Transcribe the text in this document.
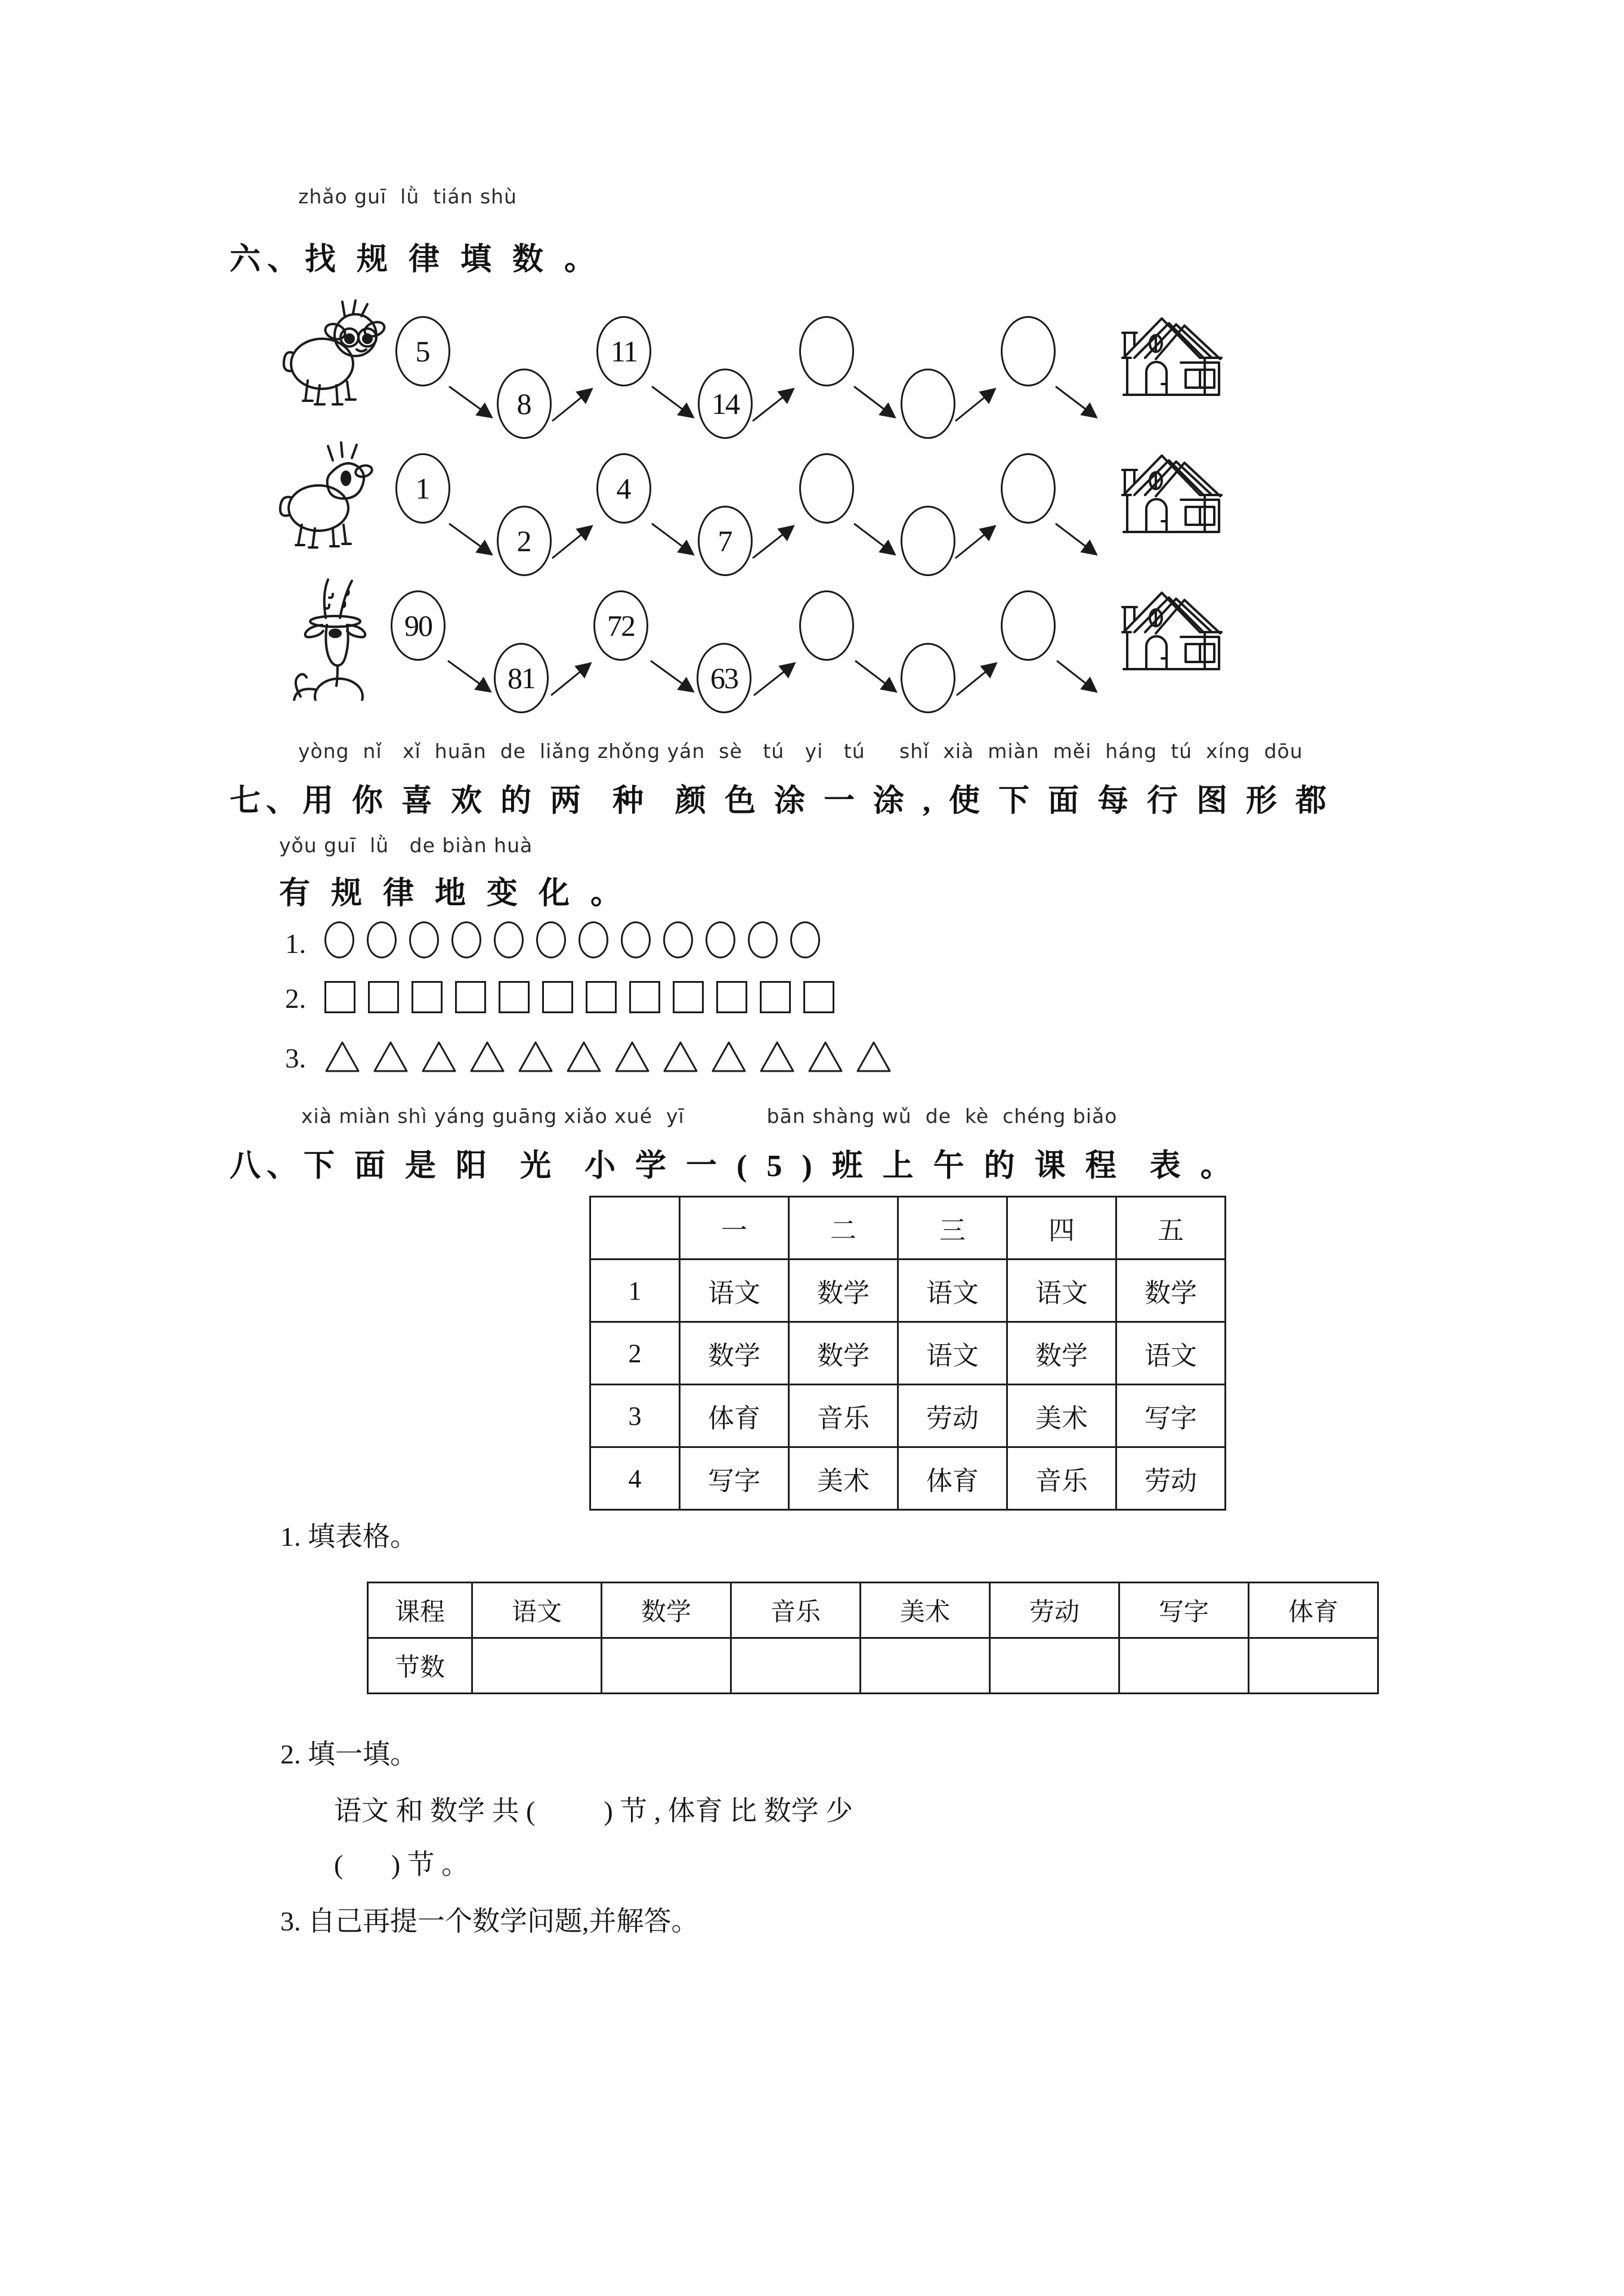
zhǎo guī  lǜ  tián shù
六、找 规 律 填 数 。
5
8
11
14
1
2
4
7
90
81
72
63
yòng  nǐ   xǐ  huān  de  liǎng zhǒng yán  sè   tú   yi   tú     shǐ  xià  miàn  měi  háng  tú  xíng  dōu
七、用 你 喜 欢 的 两  种  颜 色 涂 一 涂 , 使 下 面 每 行 图 形 都
yǒu guī  lǜ   de biàn huà
有 规 律 地 变 化 。
1.
2.
3.
xià miàn shì yáng guāng xiǎo xué  yī            bān shàng wǔ  de  kè  chéng biǎo
八、下 面 是 阳  光  小 学 一 ( 5 ) 班 上 午 的 课 程  表 。
	一	二	三	四	五
1	语文	数学	语文	语文	数学
2	数学	数学	语文	数学	语文
3	体育	音乐	劳动	美术	写字
4	写字	美术	体育	音乐	劳动
1. 填表格。
课程	语文	数学	音乐	美术	劳动	写字	体育
节数							
2. 填一填。
语文 和 数学 共 (          ) 节 , 体育 比 数学 少
(       ) 节 。
3. 自己再提一个数学问题,并解答。
